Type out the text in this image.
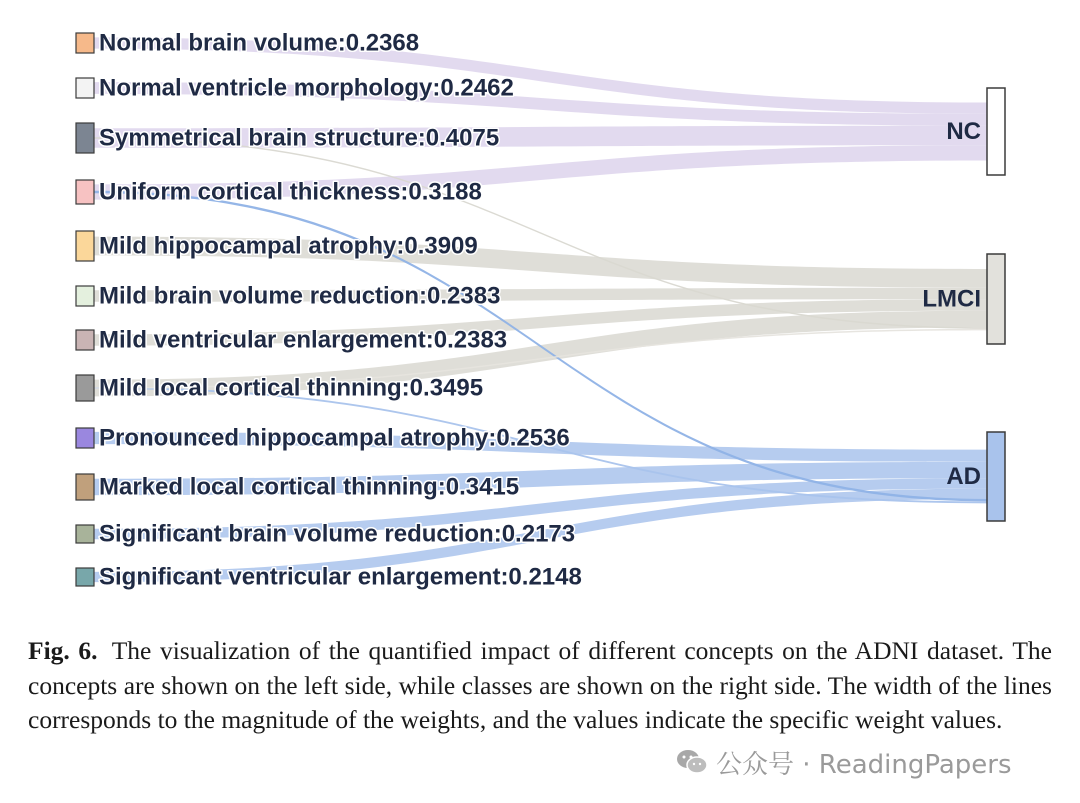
Normal brain volume:0.2368
Normal ventricle morphology:0.2462
Symmetrical brain structure:0.4075
Uniform cortical thickness:0.3188
Mild hippocampal atrophy:0.3909
Mild brain volume reduction:0.2383
Mild ventricular enlargement:0.2383
Mild local cortical thinning:0.3495
Pronounced hippocampal atrophy:0.2536
Marked local cortical thinning:0.3415
Significant brain volume reduction:0.2173
Significant ventricular enlargement:0.2148
NC
LMCI
AD

Fig. 6. The visualization of the quantified impact of different concepts on the ADNI dataset. The concepts are shown on the left side, while classes are shown on the right side. The width of the lines corresponds to the magnitude of the weights, and the values indicate the specific weight values.

公众号 · ReadingPapers
